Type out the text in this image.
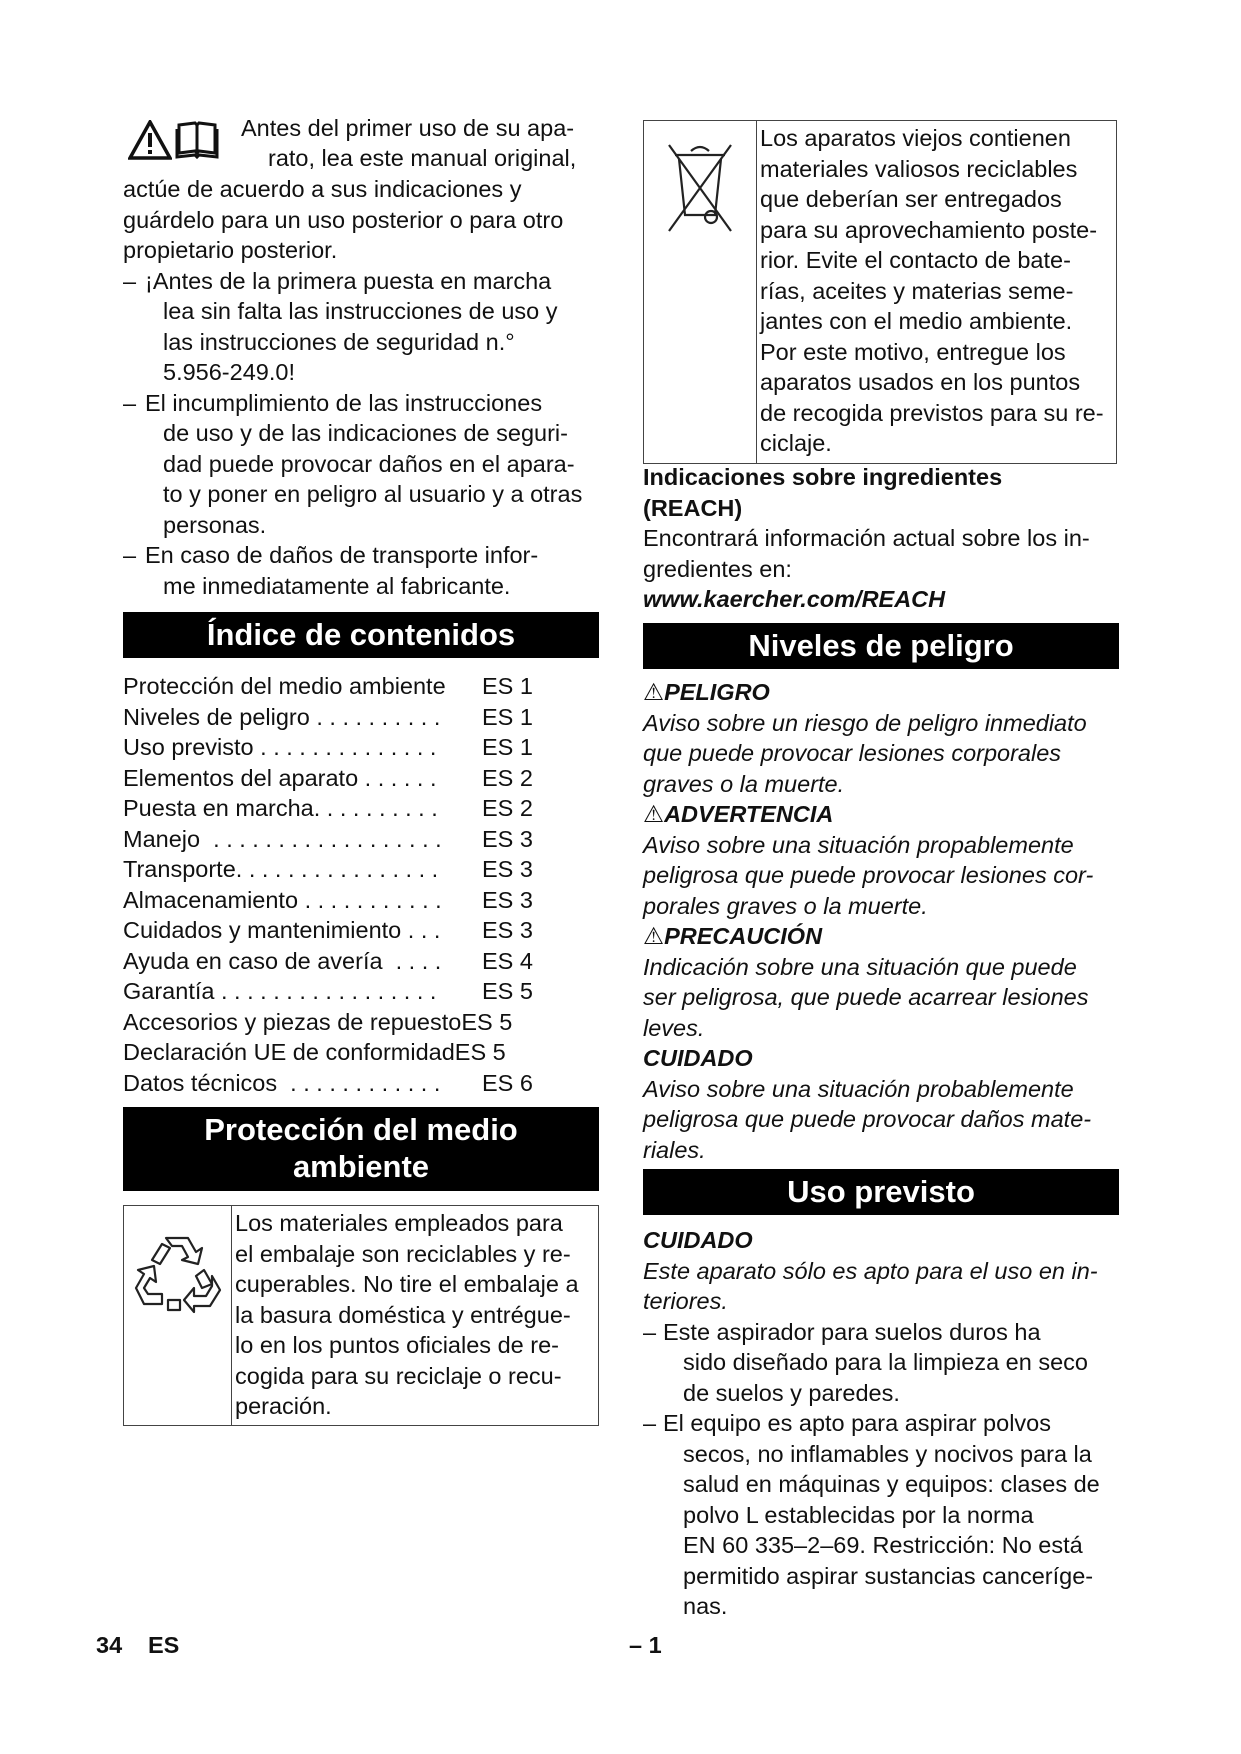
Antes del primer uso de su apa-
rato, lea este manual original,
actúe de acuerdo a sus indicaciones y
guárdelo para un uso posterior o para otro
propietario posterior.
– ¡Antes de la primera puesta en marcha
lea sin falta las instrucciones de uso y
las instrucciones de seguridad n.°
5.956-249.0!
– El incumplimiento de las instrucciones
de uso y de las indicaciones de seguri-
dad puede provocar daños en el apara-
to y poner en peligro al usuario y a otras
personas.
– En caso de daños de transporte infor-
me inmediatamente al fabricante.
Índice de contenidos
Protección del medio ambiente ES 1
Niveles de peligro . . . . . . . . . . ES 1
Uso previsto . . . . . . . . . . . . . . ES 1
Elementos del aparato . . . . . . ES 2
Puesta en marcha. . . . . . . . . . ES 2
Manejo  . . . . . . . . . . . . . . . . . . ES 3
Transporte. . . . . . . . . . . . . . . . ES 3
Almacenamiento . . . . . . . . . . . ES 3
Cuidados y mantenimiento . . . ES 3
Ayuda en caso de avería  . . . . ES 4
Garantía . . . . . . . . . . . . . . . . . ES 5
Accesorios y piezas de repuesto ES 5
Declaración UE de conformidad ES 5
Datos técnicos  . . . . . . . . . . . . ES 6
Protección del medio
ambiente
Los materiales empleados para
el embalaje son reciclables y re-
cuperables. No tire el embalaje a
la basura doméstica y entrégue-
lo en los puntos oficiales de re-
cogida para su reciclaje o recu-
peración.
Los aparatos viejos contienen
materiales valiosos reciclables
que deberían ser entregados
para su aprovechamiento poste-
rior. Evite el contacto de bate-
rías, aceites y materias seme-
jantes con el medio ambiente.
Por este motivo, entregue los
aparatos usados en los puntos
de recogida previstos para su re-
ciclaje.
Indicaciones sobre ingredientes
(REACH)
Encontrará información actual sobre los in-
gredientes en:
www.kaercher.com/REACH
Niveles de peligro
⚠PELIGRO
Aviso sobre un riesgo de peligro inmediato
que puede provocar lesiones corporales
graves o la muerte.
⚠ADVERTENCIA
Aviso sobre una situación propablemente
peligrosa que puede provocar lesiones cor-
porales graves o la muerte.
⚠PRECAUCIÓN
Indicación sobre una situación que puede
ser peligrosa, que puede acarrear lesiones
leves.
CUIDADO
Aviso sobre una situación probablemente
peligrosa que puede provocar daños mate-
riales.
Uso previsto
CUIDADO
Este aparato sólo es apto para el uso en in-
teriores.
– Este aspirador para suelos duros ha
sido diseñado para la limpieza en seco
de suelos y paredes.
– El equipo es apto para aspirar polvos
secos, no inflamables y nocivos para la
salud en máquinas y equipos: clases de
polvo L establecidas por la norma
EN 60 335–2–69. Restricción: No está
permitido aspirar sustancias canceríge-
nas.
34 ES	– 1
